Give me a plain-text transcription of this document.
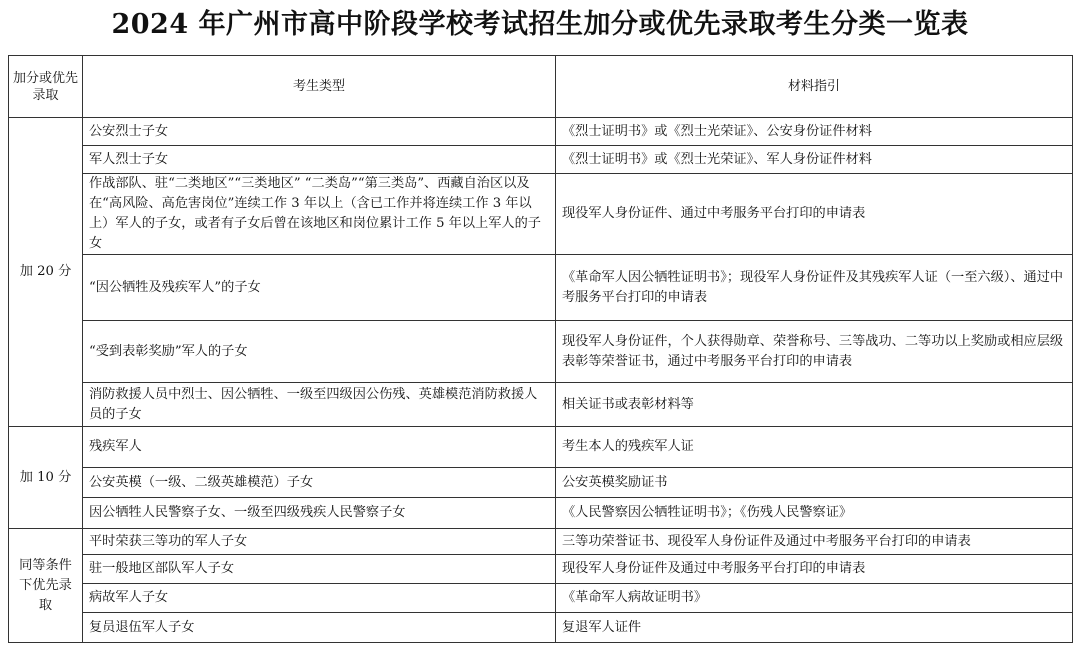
2024 年广州市高中阶段学校考试招生加分或优先录取考生分类一览表
加分或优先录取	考生类型	材料指引
加 20 分	公安烈士子女	《烈士证明书》或《烈士光荣证》、公安身份证件材料
	军人烈士子女	《烈士证明书》或《烈士光荣证》、军人身份证件材料
	作战部队、驻“二类地区”“三类地区” “二类岛”“第三类岛”、西藏自治区以及在“高风险、高危害岗位”连续工作 3 年以上（含已工作并将连续工作 3 年以上）军人的子女，或者有子女后曾在该地区和岗位累计工作 5 年以上军人的子女	现役军人身份证件、通过中考服务平台打印的申请表
	“因公牺牲及残疾军人”的子女	《革命军人因公牺牲证明书》；现役军人身份证件及其残疾军人证（一至六级）、通过中考服务平台打印的申请表
	“受到表彰奖励”军人的子女	现役军人身份证件，个人获得勋章、荣誉称号、三等战功、二等功以上奖励或相应层级表彰等荣誉证书，通过中考服务平台打印的申请表
	消防救援人员中烈士、因公牺牲、一级至四级因公伤残、英雄模范消防救援人员的子女	相关证书或表彰材料等
加 10 分	残疾军人	考生本人的残疾军人证
	公安英模（一级、二级英雄模范）子女	公安英模奖励证书
	因公牺牲人民警察子女、一级至四级残疾人民警察子女	《人民警察因公牺牲证明书》；《伤残人民警察证》
同等条件下优先录取	平时荣获三等功的军人子女	三等功荣誉证书、现役军人身份证件及通过中考服务平台打印的申请表
	驻一般地区部队军人子女	现役军人身份证件及通过中考服务平台打印的申请表
	病故军人子女	《革命军人病故证明书》
	复员退伍军人子女	复退军人证件
